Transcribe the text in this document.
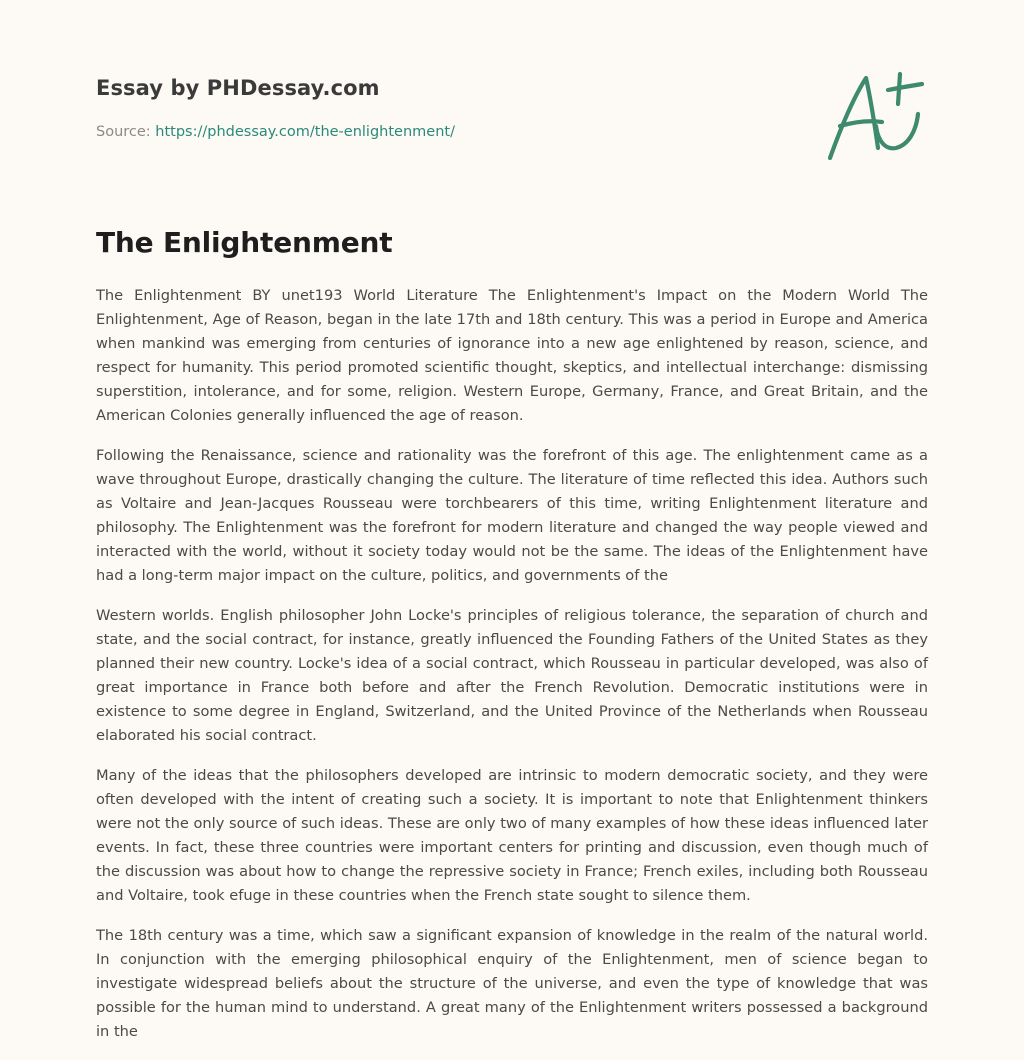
Essay by PHDessay.com
Source: https://phdessay.com/the-enlightenment/
The Enlightenment

The Enlightenment BY unet193 World Literature The Enlightenment's Impact on the Modern World The Enlightenment, Age of Reason, began in the late 17th and 18th century. This was a period in Europe and America when mankind was emerging from centuries of ignorance into a new age enlightened by reason, science, and respect for humanity. This period promoted scientific thought, skeptics, and intellectual interchange: dismissing superstition, intolerance, and for some, religion. Western Europe, Germany, France, and Great Britain, and the American Colonies generally influenced the age of reason.

Following the Renaissance, science and rationality was the forefront of this age. The enlightenment came as a wave throughout Europe, drastically changing the culture. The literature of time reflected this idea. Authors such as Voltaire and Jean-Jacques Rousseau were torchbearers of this time, writing Enlightenment literature and philosophy. The Enlightenment was the forefront for modern literature and changed the way people viewed and interacted with the world, without it society today would not be the same. The ideas of the Enlightenment have had a long-term major impact on the culture, politics, and governments of the

Western worlds. English philosopher John Locke's principles of religious tolerance, the separation of church and state, and the social contract, for instance, greatly influenced the Founding Fathers of the United States as they planned their new country. Locke's idea of a social contract, which Rousseau in particular developed, was also of great importance in France both before and after the French Revolution. Democratic institutions were in existence to some degree in England, Switzerland, and the United Province of the Netherlands when Rousseau elaborated his social contract.

Many of the ideas that the philosophers developed are intrinsic to modern democratic society, and they were often developed with the intent of creating such a society. It is important to note that Enlightenment thinkers were not the only source of such ideas. These are only two of many examples of how these ideas influenced later events. In fact, these three countries were important centers for printing and discussion, even though much of the discussion was about how to change the repressive society in France; French exiles, including both Rousseau and Voltaire, took efuge in these countries when the French state sought to silence them.

The 18th century was a time, which saw a significant expansion of knowledge in the realm of the natural world. In conjunction with the emerging philosophical enquiry of the Enlightenment, men of science began to investigate widespread beliefs about the structure of the universe, and even the type of knowledge that was possible for the human mind to understand. A great many of the Enlightenment writers possessed a background in the
